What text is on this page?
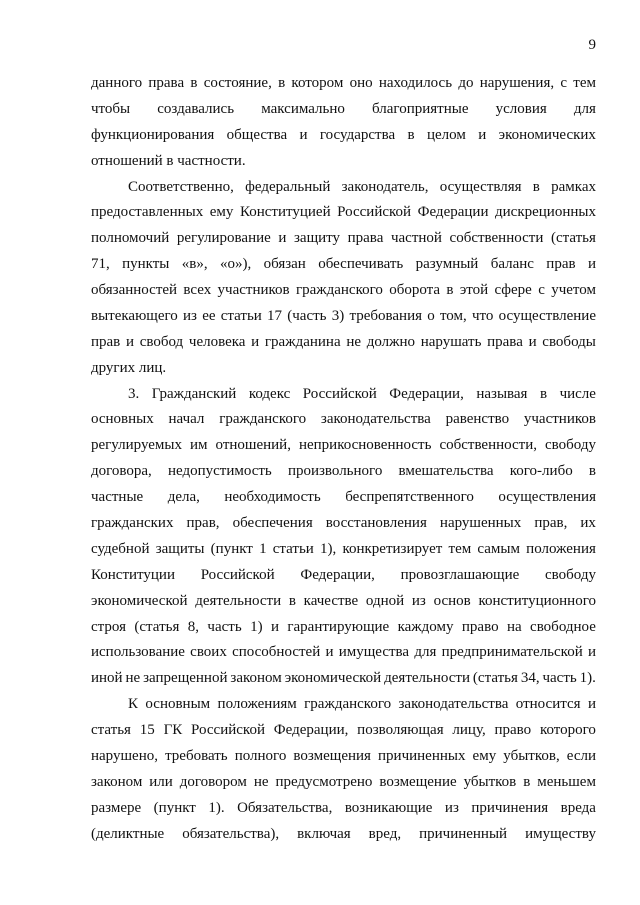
9
данного права в состояние, в котором оно находилось до нарушения, с тем
чтобы создавались максимально благоприятные условия для
функционирования общества и государства в целом и экономических
отношений в частности.
Соответственно, федеральный законодатель, осуществляя в рамках
предоставленных ему Конституцией Российской Федерации дискреционных
полномочий регулирование и защиту права частной собственности (статья
71, пункты «в», «о»), обязан обеспечивать разумный баланс прав и
обязанностей всех участников гражданского оборота в этой сфере с учетом
вытекающего из ее статьи 17 (часть 3) требования о том, что осуществление
прав и свобод человека и гражданина не должно нарушать права и свободы
других лиц.
3. Гражданский кодекс Российской Федерации, называя в числе
основных начал гражданского законодательства равенство участников
регулируемых им отношений, неприкосновенность собственности, свободу
договора, недопустимость произвольного вмешательства кого-либо в
частные дела, необходимость беспрепятственного осуществления
гражданских прав, обеспечения восстановления нарушенных прав, их
судебной защиты (пункт 1 статьи 1), конкретизирует тем самым положения
Конституции Российской Федерации, провозглашающие свободу
экономической деятельности в качестве одной из основ конституционного
строя (статья 8, часть 1) и гарантирующие каждому право на свободное
использование своих способностей и имущества для предпринимательской и
иной не запрещенной законом экономической деятельности (статья 34, часть 1).
К основным положениям гражданского законодательства относится и
статья 15 ГК Российской Федерации, позволяющая лицу, право которого
нарушено, требовать полного возмещения причиненных ему убытков, если
законом или договором не предусмотрено возмещение убытков в меньшем
размере (пункт 1). Обязательства, возникающие из причинения вреда
(деликтные обязательства), включая вред, причиненный имуществу
